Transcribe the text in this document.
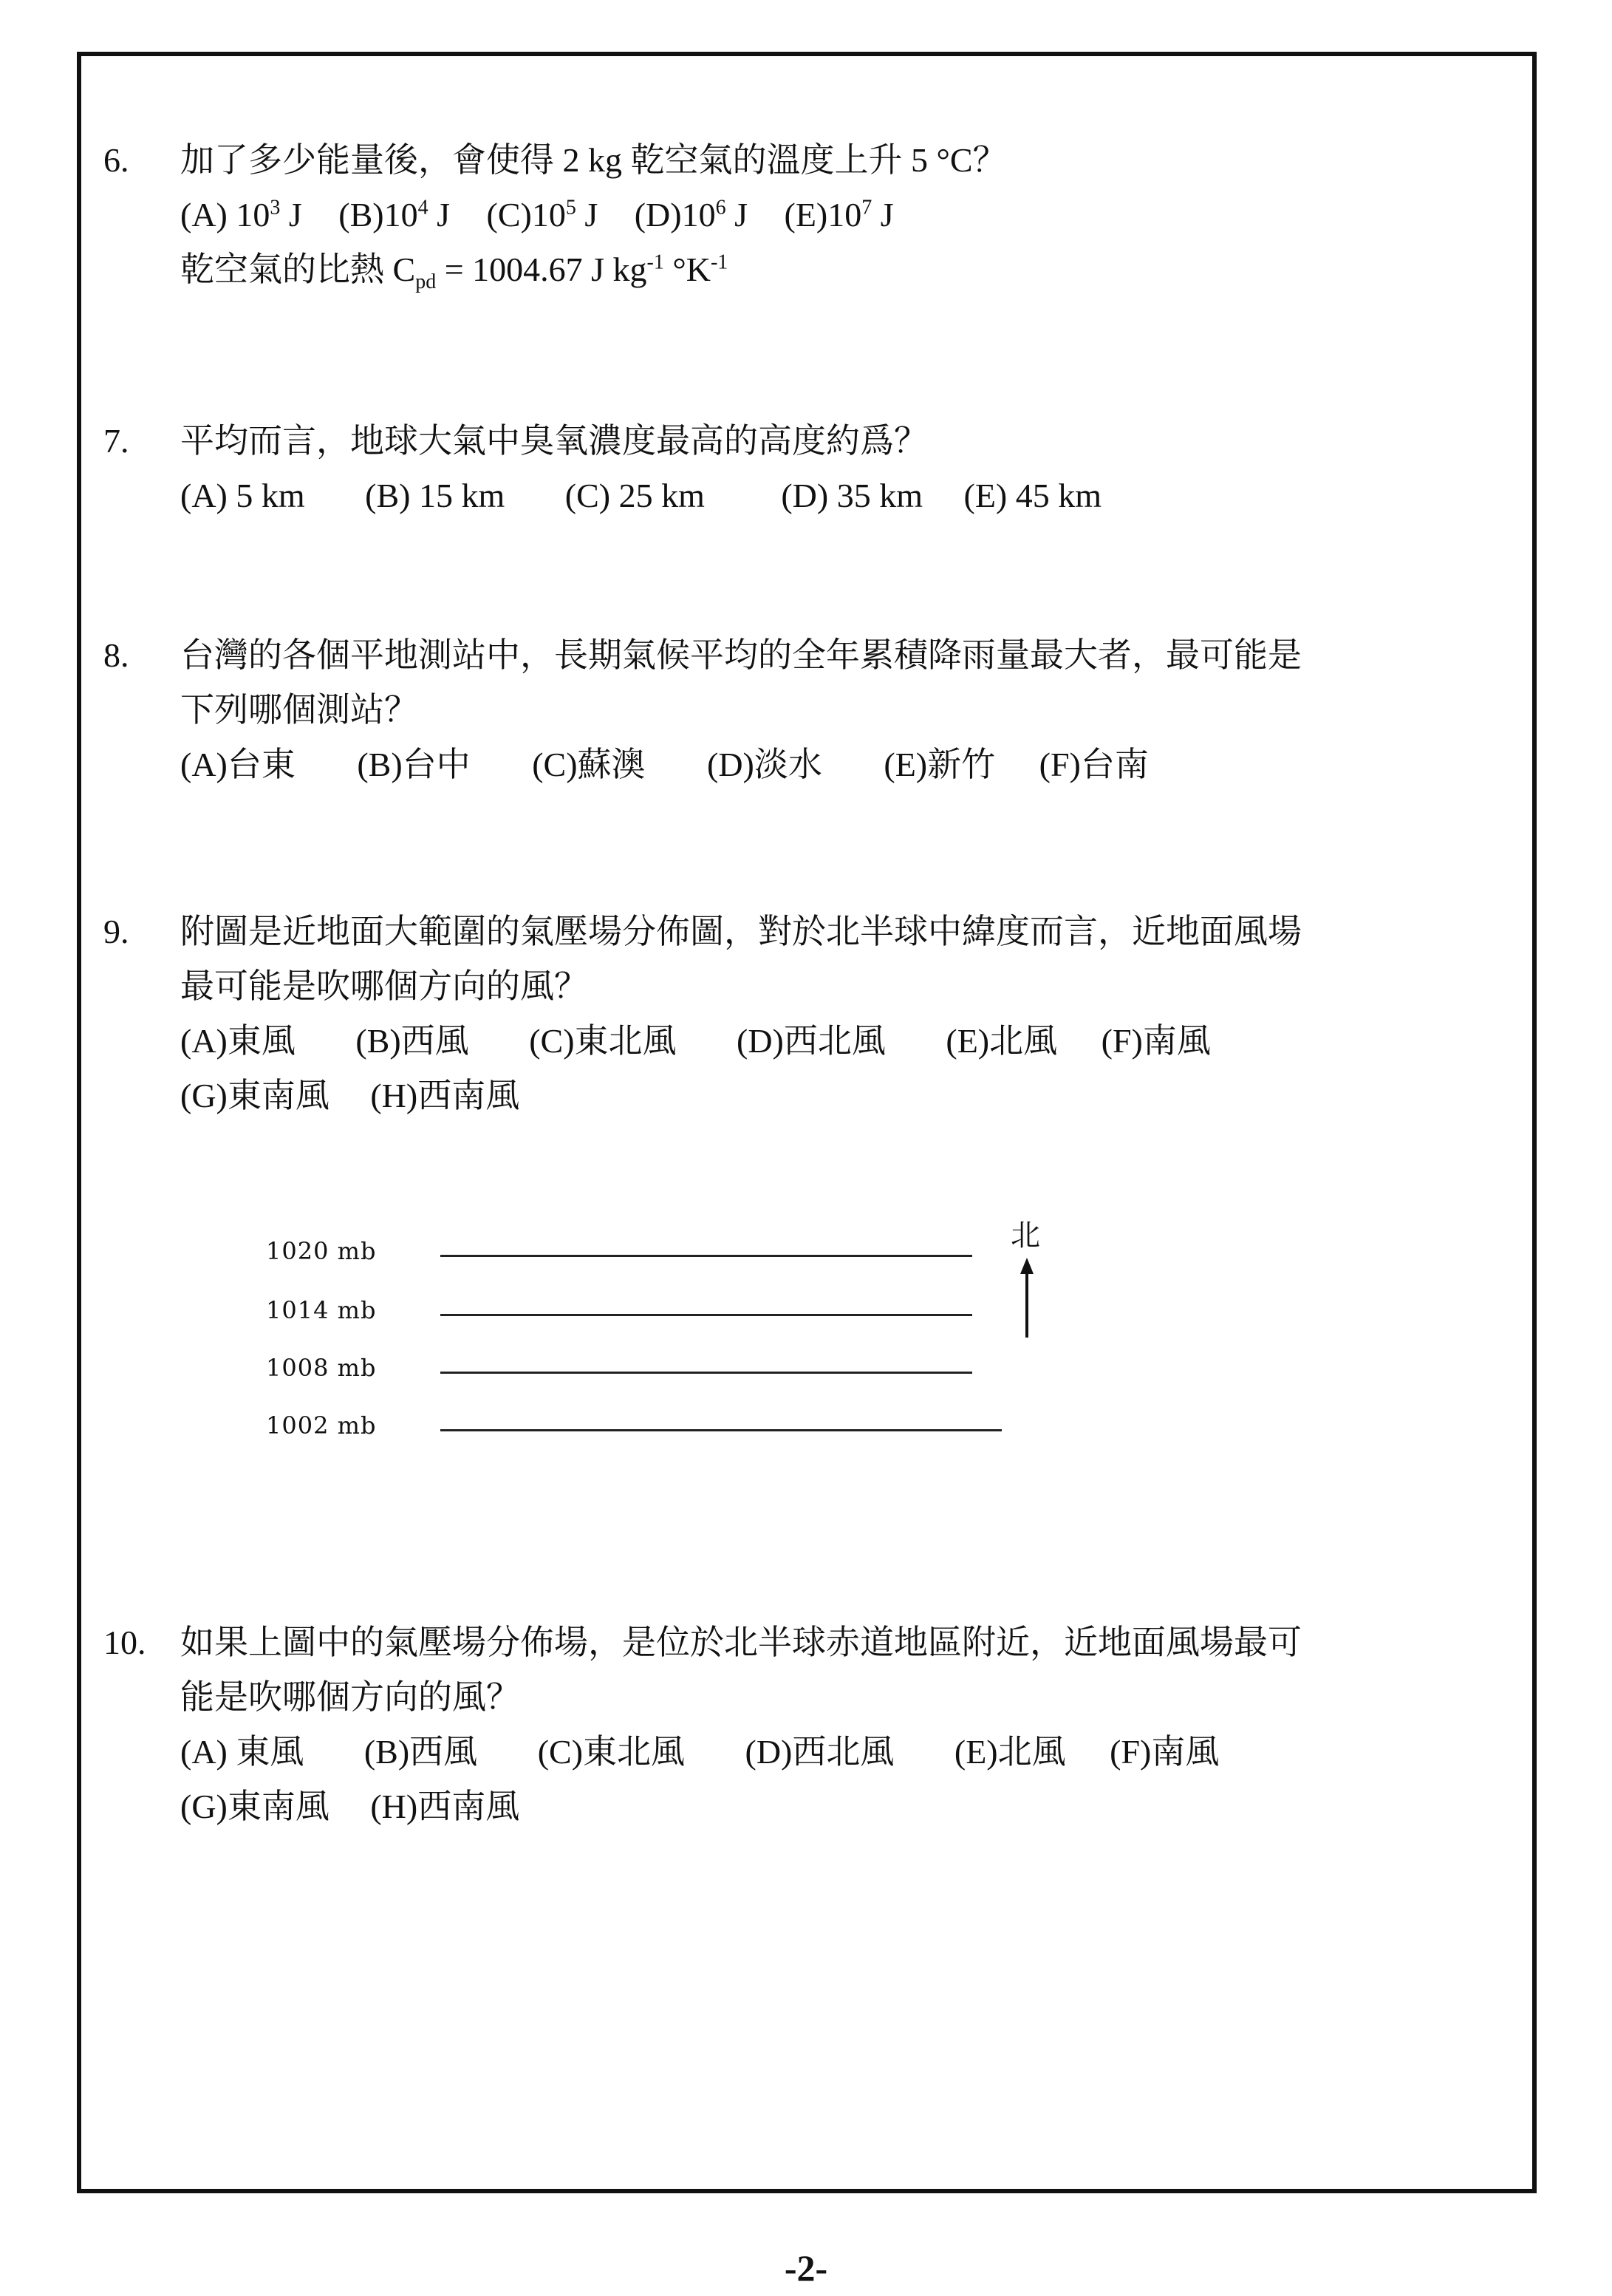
6.	加了多少能量後，會使得 2 kg 乾空氣的溫度上升 5 °C？
(A) $10^3$ J $(B)10^4$ J $(C)10^5$ J $(D)10^6$ J $(E)10^7$ J
乾空氣的比熱 $C_{pd} = 1004.67$ J $kg^{-1}$ $^\circ K^{-1}$
7.	平均而言，地球大氣中臭氧濃度最高的高度約爲？
(A) 5 km (B) 15 km (C) 25 km (D) 35 km (E) 45 km
8.	台灣的各個平地測站中，長期氣候平均的全年累積降雨量最大者，最可能是
下列哪個測站？
(A)台東 (B)台中 (C)蘇澳 (D)淡水 (E)新竹 (F)台南
9.	附圖是近地面大範圍的氣壓場分佈圖，對於北半球中緯度而言，近地面風場
最可能是吹哪個方向的風？
(A)東風 (B)西風 (C)東北風 (D)西北風 (E)北風 (F)南風
(G)東南風 (H)西南風
1020 mb
1014 mb
1008 mb
1002 mb
北
10.	如果上圖中的氣壓場分佈場，是位於北半球赤道地區附近，近地面風場最可
能是吹哪個方向的風？
(A) 東風 (B)西風 (C)東北風 (D)西北風 (E)北風 (F)南風
(G)東南風 (H)西南風
-2-
